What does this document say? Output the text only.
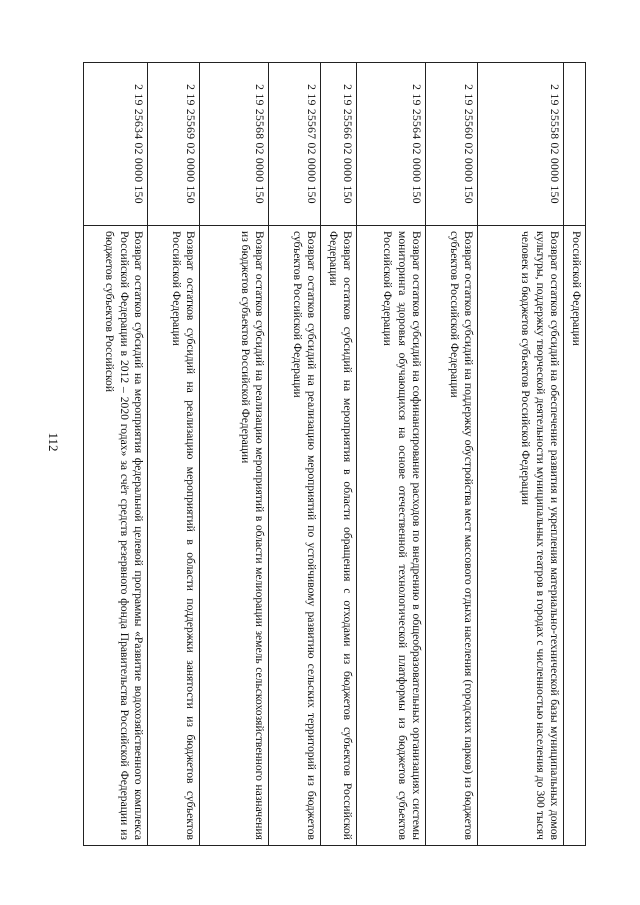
112
	Российской Федерации
2 19 25558 02 0000 150	Возврат остатков субсидий на обеспечение развития и укрепления материально-технической базы муниципальных домов культуры, поддержку творческой деятельности муниципальных театров в городах с численностью населения до 300 тысяч человек из бюджетов субъектов Российской Федерации
2 19 25560 02 0000 150	Возврат остатков субсидий на поддержку обустройства мест массового отдыха населения (городских парков) из бюджетов субъектов Российской Федерации
2 19 25564 02 0000 150	Возврат остатков субсидий на софинансирование расходов по внедрению в общеобразовательных организациях системы мониторинга здоровья обучающихся на основе отечественной технологической платформы из бюджетов субъектов Российской Федерации
2 19 25566 02 0000 150	Возврат остатков субсидий на мероприятия в области обращения с отходами из бюджетов субъектов Российской Федерации
2 19 25567 02 0000 150	Возврат остатков субсидий на реализацию мероприятий по устойчивому развитию сельских территорий из бюджетов субъектов Российской Федерации
2 19 25568 02 0000 150	Возврат остатков субсидий на реализацию мероприятий в области мелиорации земель сельскохозяйственного назначения из бюджетов субъектов Российской Федерации
2 19 25569 02 0000 150	Возврат остатков субсидий на реализацию мероприятий в области поддержки занятости из бюджетов субъектов Российской Федерации
2 19 25634 02 0000 150	Возврат остатков субсидий на мероприятия федеральной целевой программы «Развитие водохозяйственного комплекса Российской Федерации в 2012 – 2020 годах» за счёт средств резервного фонда Правительства Российской Федерации из бюджетов субъектов Российской
